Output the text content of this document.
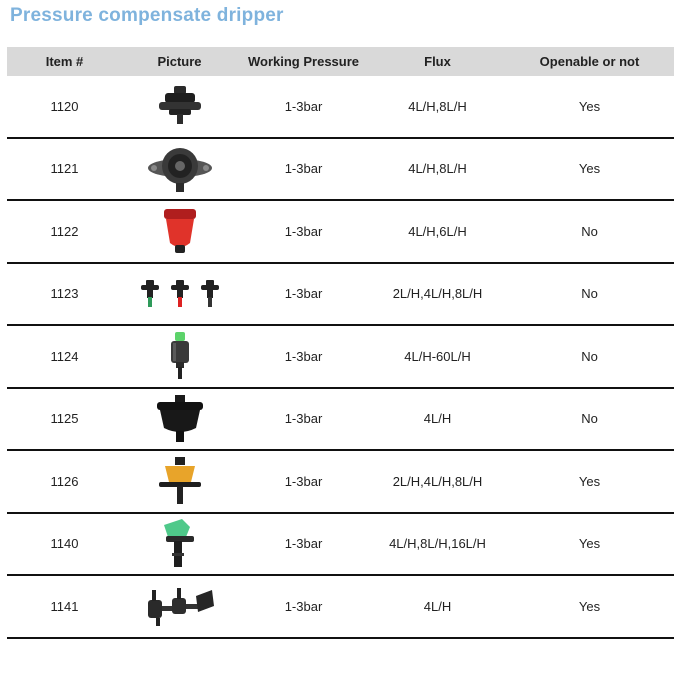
Pressure compensate dripper
Item #	Picture	Working Pressure	Flux	Openable or not
1120	1-3bar	4L/H,8L/H	Yes
1121	1-3bar	4L/H,8L/H	Yes
1122	1-3bar	4L/H,6L/H	No
1123	1-3bar	2L/H,4L/H,8L/H	No
1124	1-3bar	4L/H-60L/H	No
1125	1-3bar	4L/H	No
1126	1-3bar	2L/H,4L/H,8L/H	Yes
1140	1-3bar	4L/H,8L/H,16L/H	Yes
1141	1-3bar	4L/H	Yes
